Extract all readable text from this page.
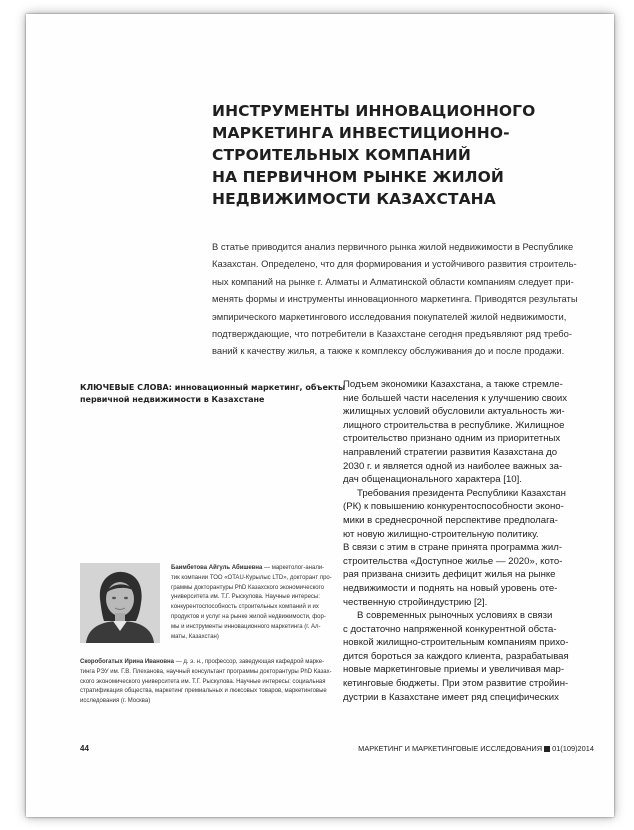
ИНСТРУМЕНТЫ ИННОВАЦИОННОГО
МАРКЕТИНГА ИНВЕСТИЦИОННО-
СТРОИТЕЛЬНЫХ КОМПАНИЙ
НА ПЕРВИЧНОМ РЫНКЕ ЖИЛОЙ
НЕДВИЖИМОСТИ КАЗАХСТАНА
В статье приводится анализ первичного рынка жилой недвижимости в Республике
Казахстан. Определено, что для формирования и устойчивого развития строитель-
ных компаний на рынке г. Алматы и Алматинской области компаниям следует при-
менять формы и инструменты инновационного маркетинга. Приводятся результаты
эмпирического маркетингового исследования покупателей жилой недвижимости,
подтверждающие, что потребители в Казахстане сегодня предъявляют ряд требо-
ваний к качеству жилья, а также к комплексу обслуживания до и после продажи.
КЛЮЧЕВЫЕ СЛОВА: инновационный маркетинг, объекты
первичной недвижимости в Казахстане
Подъем экономики Казахстана, а также стремле-
ние большей части населения к улучшению своих
жилищных условий обусловили актуальность жи-
лищного строительства в республике. Жилищное
строительство признано одним из приоритетных
направлений стратегии развития Казахстана до
2030 г. и является одной из наиболее важных за-
дач общенационального характера [10].
Требования президента Республики Казахстан
(РК) к повышению конкурентоспособности эконо-
мики в среднесрочной перспективе предполага-
ют новую жилищно-строительную политику.
В связи с этим в стране принята программа жил-
строительства «Доступное жилье — 2020», кото-
рая призвана снизить дефицит жилья на рынке
недвижимости и поднять на новый уровень оте-
чественную стройиндустрию [2].
В современных рыночных условиях в связи
с достаточно напряженной конкурентной обста-
новкой жилищно-строительным компаниям прихо-
дится бороться за каждого клиента, разрабатывая
новые маркетинговые приемы и увеличивая мар-
кетинговые бюджеты. При этом развитие стройин-
дустрии в Казахстане имеет ряд специфических
Баимбетова Айгуль Абишевна — маркетолог-анали-
тик компании ТОО «OTAU-Курылыс LTD», докторант про-
граммы докторантуры PhD Казахского экономического
университета им. Т.Г. Рыскулова. Научные интересы:
конкурентоспособность строительных компаний и их
продуктов и услуг на рынке жилой недвижимости, фор-
мы и инструменты инновационного маркетинга (г. Ал-
маты, Казахстан)
Скоробогатых Ирина Ивановна — д. э. н., профессор, заведующая кафедрой марке-
тинга РЭУ им. Г.В. Плеханова, научный консультант программы докторантуры PhD Казах-
ского экономического университета им. Т.Г. Рыскулова. Научные интересы: социальная
стратификация общества, маркетинг премиальных и люксовых товаров, маркетинговые
исследования (г. Москва)
44	МАРКЕТИНГ И МАРКЕТИНГОВЫЕ ИССЛЕДОВАНИЯ 01(109)2014
